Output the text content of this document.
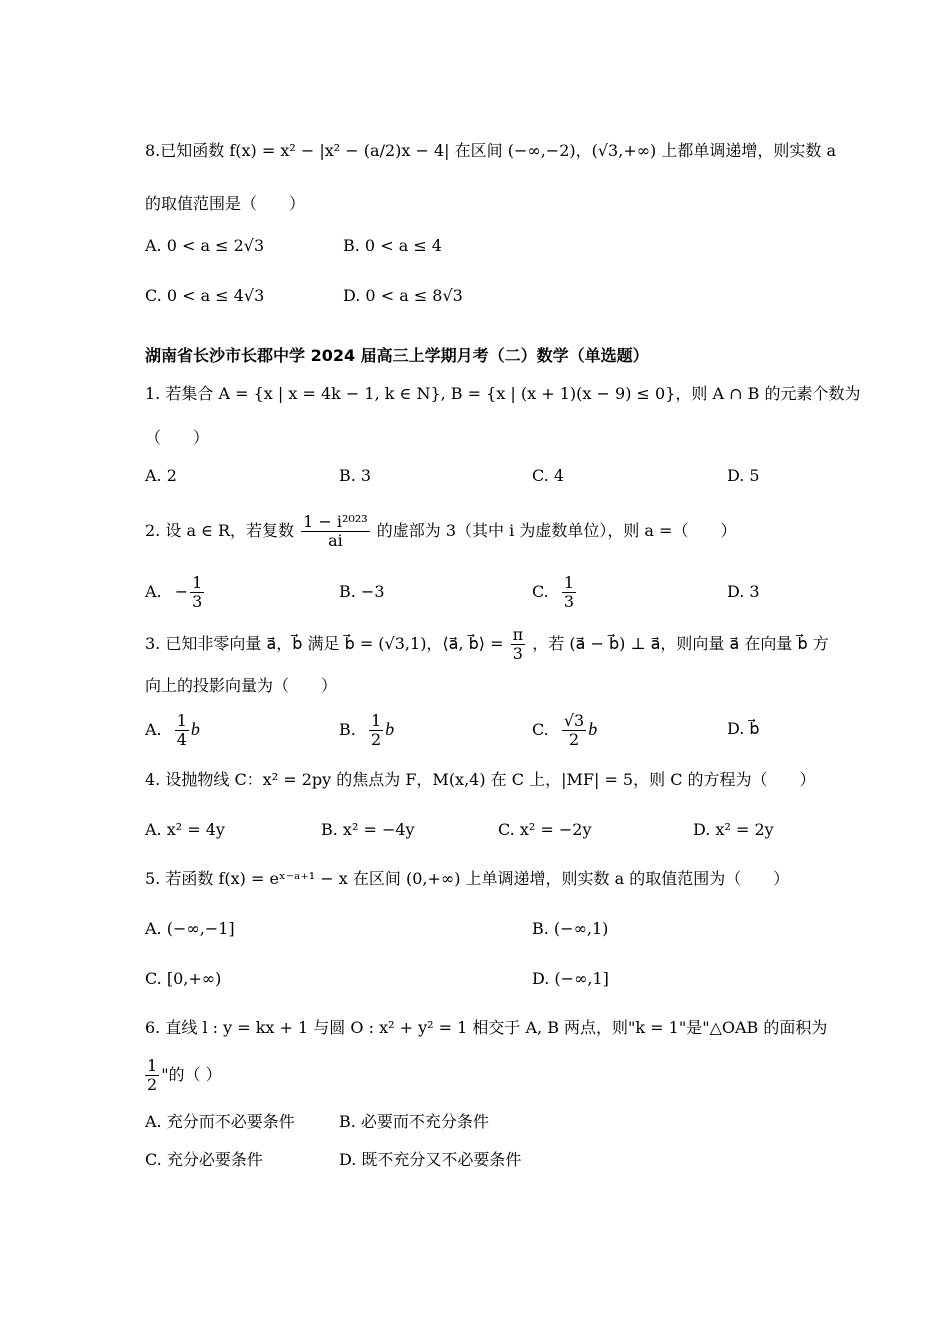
8.已知函数 f(x) = x² − |x² − (a/2)x − 4| 在区间 (−∞,−2)，(√3,+∞) 上都单调递增，则实数 a
的取值范围是（　　）
A. 0 < a ≤ 2√3	B. 0 < a ≤ 4
C. 0 < a ≤ 4√3	D. 0 < a ≤ 8√3
湖南省长沙市长郡中学 2024 届高三上学期月考（二）数学（单选题）
1. 若集合 A = {x | x = 4k − 1, k ∈ N}, B = {x | (x + 1)(x − 9) ≤ 0}，则 A ∩ B 的元素个数为
（　　）
A. 2	B. 3	C. 4	D. 5
2. 设 a ∈ R，若复数 $\frac{\text{1 − i²⁰²³}}{ai}$ 的虚部为 3（其中 i 为虚数单位），则 a =（　　）
A. − $\frac{1}{3}$	B. −3	C. $\frac{1}{3}$	D. 3
3. 已知非零向量 a⃗，b⃗ 满足 b⃗ = (√3,1)，⟨a⃗, b⃗⟩ = $\frac{\pi}{3}$ ，若 (a⃗ − b⃗) ⊥ a⃗，则向量 a⃗ 在向量 b⃗ 方
向上的投影向量为（　　）
A. $\frac{1}{4}$ b⃗	B. $\frac{1}{2}$ b⃗	C. $\frac{√3}{2}$ b⃗	D. b⃗
4. 设抛物线 C：x² = 2py 的焦点为 F，M(x,4) 在 C 上，|MF| = 5，则 C 的方程为（　　）
A. x² = 4y	B. x² = −4y	C. x² = −2y	D. x² = 2y
5. 若函数 f(x) = eˣ⁻ᵃ⁺¹ − x 在区间 (0,+∞) 上单调递增，则实数 a 的取值范围为（　　）
A. (−∞,−1]	B. (−∞,1)
C. [0,+∞)	D. (−∞,1]
6. 直线 l : y = kx + 1 与圆 O : x² + y² = 1 相交于 A, B 两点，则"k = 1"是"△OAB 的面积为
$\frac{1}{2}$ "的（ ）
A. 充分而不必要条件	B. 必要而不充分条件
C. 充分必要条件	D. 既不充分又不必要条件
